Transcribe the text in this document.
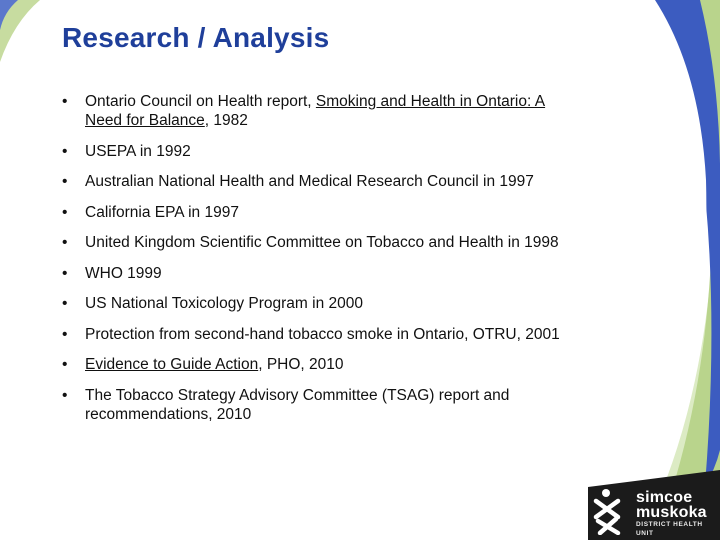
Research / Analysis
• Ontario Council on Health report, Smoking and Health in Ontario: A Need for Balance, 1982
• USEPA in 1992
• Australian National Health and Medical Research Council in 1997
• California EPA in 1997
• United Kingdom Scientific Committee on Tobacco and Health in 1998
• WHO 1999
• US National Toxicology Program in 2000
• Protection from second-hand tobacco smoke in Ontario, OTRU, 2001
• Evidence to Guide Action, PHO, 2010
• The Tobacco Strategy Advisory Committee (TSAG) report and recommendations, 2010
simcoe
muskoka
DISTRICT HEALTH UNIT
